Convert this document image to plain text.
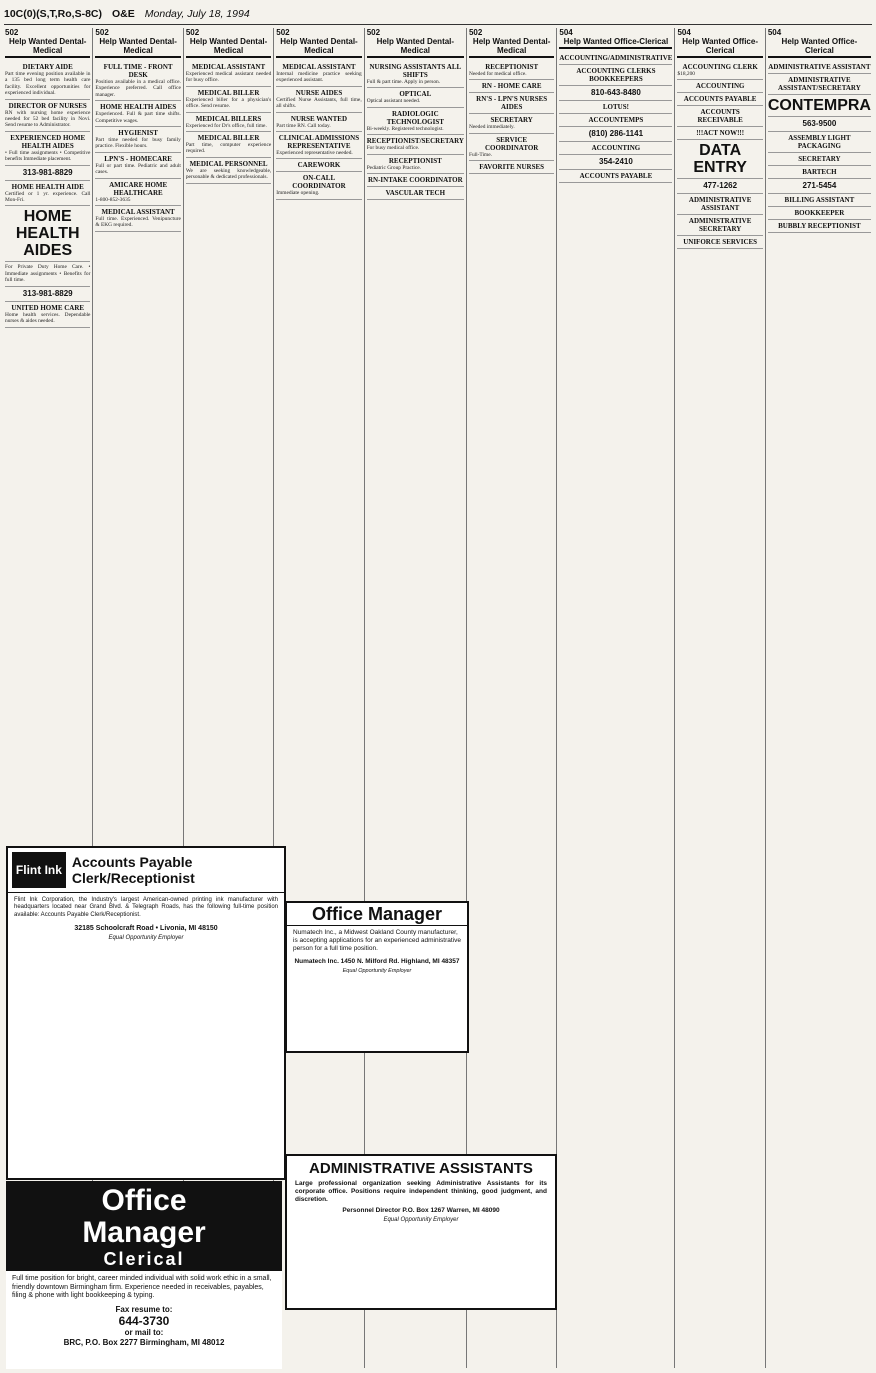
10C(0)(S,T,Ro,S-8C) O&E Monday, July 18, 1994
502
Help Wanted Dental-Medical
DIETARY AIDE
Part time evening position available in a 135 bed long term health care facility. Excellent opportunities for experienced individual.
DIRECTOR OF NURSES
RN with nursing home experience needed for 52 bed facility in Novi. Send resume to Administrator.
EXPERIENCED HOME HEALTH AIDES
• Full time assignments • Competitive benefits Immediate placement.
313-981-8829
HOME HEALTH AIDE
Certified or 1 yr. experience. Call Mon-Fri.
HOME HEALTH AIDES
For Private Duty Home Care. • Immediate assignments • Benefits for full time.
313-981-8829
UNITED HOME CARE
Home health services. Dependable nurses & aides needed.
502
Help Wanted Dental-Medical
FULL TIME - FRONT DESK
Position available in a medical office. Experience preferred. Call office manager.
HOME HEALTH AIDES
Experienced. Full & part time shifts. Competitive wages.
HYGIENIST
Part time needed for busy family practice. Flexible hours.
LPN'S - HOMECARE
Full or part time. Pediatric and adult cases.
AMICARE HOME HEALTHCARE
1-800-852-3635
MEDICAL ASSISTANT
Full time. Experienced. Venipuncture & EKG required.
502
Help Wanted Dental-Medical
MEDICAL ASSISTANT
Experienced medical assistant needed for busy office.
MEDICAL BILLER
Experienced biller for a physician's office. Send resume.
MEDICAL BILLERS
Experienced for Dr's office, full time.
MEDICAL BILLER
Part time, computer experience required.
MEDICAL PERSONNEL
We are seeking knowledgeable, personable & dedicated professionals.
502
Help Wanted Dental-Medical
MEDICAL ASSISTANT
Internal medicine practice seeking experienced assistant.
NURSE AIDES
Certified Nurse Assistants, full time, all shifts.
NURSE WANTED
Part time RN. Call today.
CLINICAL ADMISSIONS REPRESENTATIVE
Experienced representative needed.
CAREWORK
ON-CALL COORDINATOR
Immediate opening.
502
Help Wanted Dental-Medical
NURSING ASSISTANTS ALL SHIFTS
Full & part time. Apply in person.
OPTICAL
Optical assistant needed.
RADIOLOGIC TECHNOLOGIST
Bi-weekly. Registered technologist.
RECEPTIONIST/SECRETARY
For busy medical office.
RECEPTIONIST
Pediatric Group Practice.
RN-INTAKE COORDINATOR
VASCULAR TECH
502
Help Wanted Dental-Medical
RECEPTIONIST
Needed for medical office.
RN - HOME CARE
RN'S - LPN'S NURSES AIDES
SECRETARY
Needed immediately.
SERVICE COORDINATOR
Full-Time.
FAVORITE NURSES
504
Help Wanted Office-Clerical
ACCOUNTING/ADMINISTRATIVE
ACCOUNTING CLERKS BOOKKEEPERS
810-643-8480
LOTUS!
ACCOUNTEMPS
(810) 286-1141
ACCOUNTING
354-2410
ACCOUNTS PAYABLE
504
Help Wanted Office-Clerical
ACCOUNTING CLERK
$18,200
ACCOUNTING
ACCOUNTS PAYABLE
ACCOUNTS RECEIVABLE
!!!ACT NOW!!!
DATA ENTRY
477-1262
ADMINISTRATIVE ASSISTANT
ADMINISTRATIVE SECRETARY
UNIFORCE SERVICES
504
Help Wanted Office-Clerical
ADMINISTRATIVE ASSISTANT
ADMINISTRATIVE ASSISTANT/SECRETARY
CONTEMPRA
563-9500
ASSEMBLY LIGHT PACKAGING
SECRETARY
BARTECH
271-5454
BILLING ASSISTANT
BOOKKEEPER
BUBBLY RECEPTIONIST
Flint Ink Accounts Payable Clerk/Receptionist
Flint Ink Corporation, the Industry's largest American-owned printing ink manufacturer with headquarters located near Grand Blvd. & Telegraph Roads, has the following full-time position available: Accounts Payable Clerk/Receptionist.
32185 Schoolcraft Road • Livonia, MI 48150
Equal Opportunity Employer
Office
Manager
Clerical
Full time position for bright, career minded individual with solid work ethic in a small, friendly downtown Birmingham firm. Experience needed in receivables, payables, filing & phone with light bookkeeping & typing.
Fax resume to:
644-3730
or mail to:
BRC, P.O. Box 2277 Birmingham, MI 48012
Office Manager
Numatech Inc., a Midwest Oakland County manufacturer, is accepting applications for an experienced administrative person for a full time position.
Numatech Inc. 1450 N. Milford Rd. Highland, MI 48357
Equal Opportunity Employer
ADMINISTRATIVE ASSISTANTS
Large professional organization seeking Administrative Assistants for its corporate office. Positions require independent thinking, good judgment, and discretion.
Personnel Director P.O. Box 1267 Warren, MI 48090
Equal Opportunity Employer
